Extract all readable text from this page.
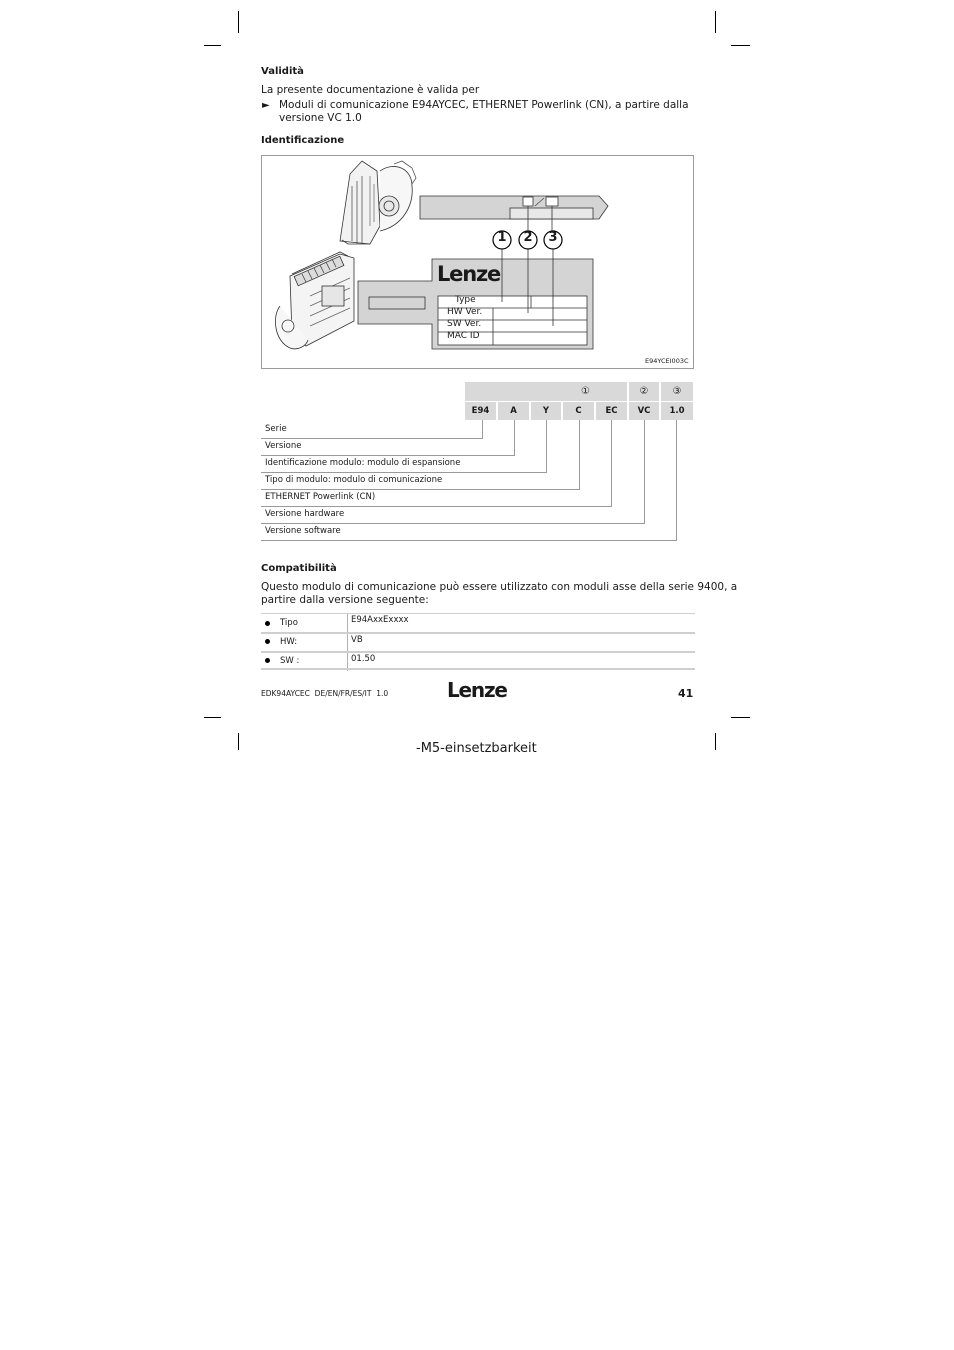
Validità
La presente documentazione è valida per
► Moduli di comunicazione E94AYCEC, ETHERNET Powerlink (CN), a partire dalla
versione VC 1.0
Identificazione
1	2	3
Lenze
Type
HW Ver.
SW Ver.
MAC ID
E94YCEI003C
①	②	③
E94	A	Y	C	EC	VC	1.0
Serie
Versione
Identificazione modulo: modulo di espansione
Tipo di modulo: modulo di comunicazione
ETHERNET Powerlink (CN)
Versione hardware
Versione software
Compatibilità
Questo modulo di comunicazione può essere utilizzato con moduli asse della serie 9400, a
partire dalla versione seguente:
Tipo	E94AxxExxxx
HW:	VB
SW :	01.50
EDK94AYCEC  DE/EN/FR/ES/IT  1.0	Lenze	41
-M5-einsetzbarkeit
